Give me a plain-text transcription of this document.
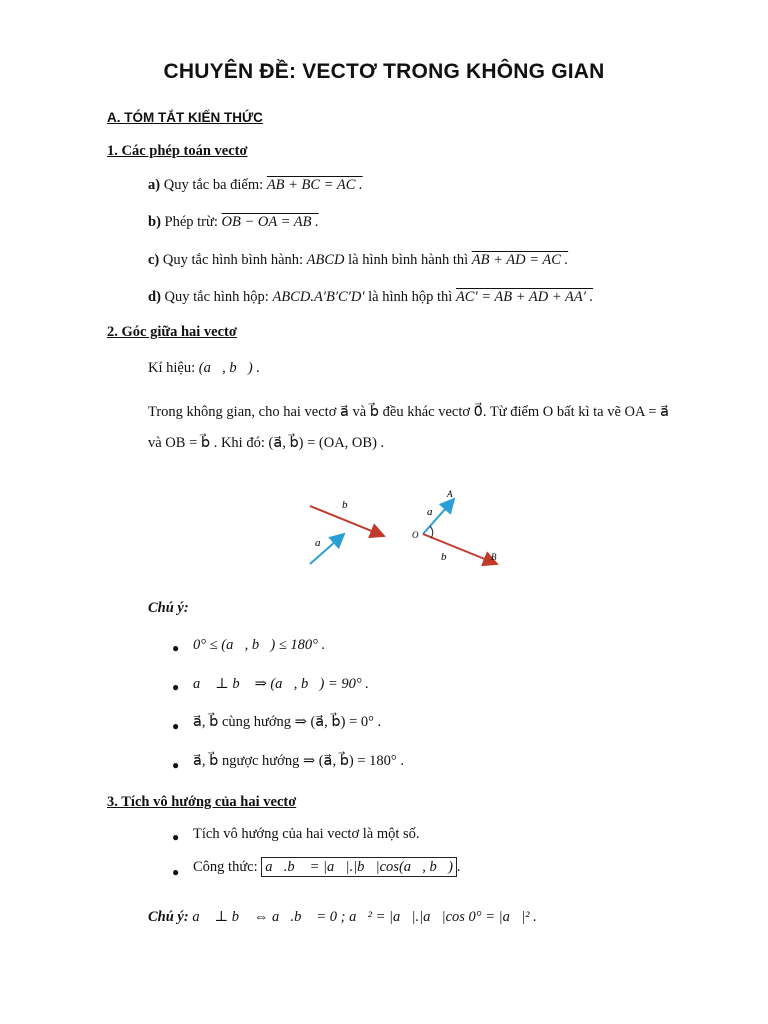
CHUYÊN ĐỀ: VECTƠ TRONG KHÔNG GIAN
A. TÓM TẮT KIẾN THỨC
1. Các phép toán vectơ
a) Quy tắc ba điểm: AB + BC = AC .
b) Phép trừ: OB − OA = AB .
c) Quy tắc hình bình hành: ABCD là hình bình hành thì AB + AD = AC .
d) Quy tắc hình hộp: ABCD.A′B′C′D′ là hình hộp thì AC′ = AB + AD + AA′ .
2. Góc giữa hai vectơ
Kí hiệu: (a⃗, b⃗) .
Trong không gian, cho hai vectơ a⃗ và b⃗ đều khác vectơ 0⃗. Từ điểm O bất kì ta vẽ OA = a⃗
và OB = b⃗ . Khi đó: (a⃗, b⃗) = (OA, OB) .
b⃗
a⃗
A
a⃗
O
b⃗	B
Chú ý:
● 0° ≤ (a⃗, b⃗) ≤ 180° .
● a⃗ ⊥ b⃗ ⇒ (a⃗, b⃗) = 90° .
● a⃗, b⃗ cùng hướng ⇒ (a⃗, b⃗) = 0° .
● a⃗, b⃗ ngược hướng ⇒ (a⃗, b⃗) = 180° .
3. Tích vô hướng của hai vectơ
● Tích vô hướng của hai vectơ là một số.
● Công thức: a⃗.b⃗ = |a⃗|.|b⃗|cos(a⃗, b⃗) .
Chú ý: a⃗ ⊥ b⃗ ⇔ a⃗.b⃗ = 0 ; a⃗² = |a⃗|.|a⃗|cos 0° = |a⃗|² .
